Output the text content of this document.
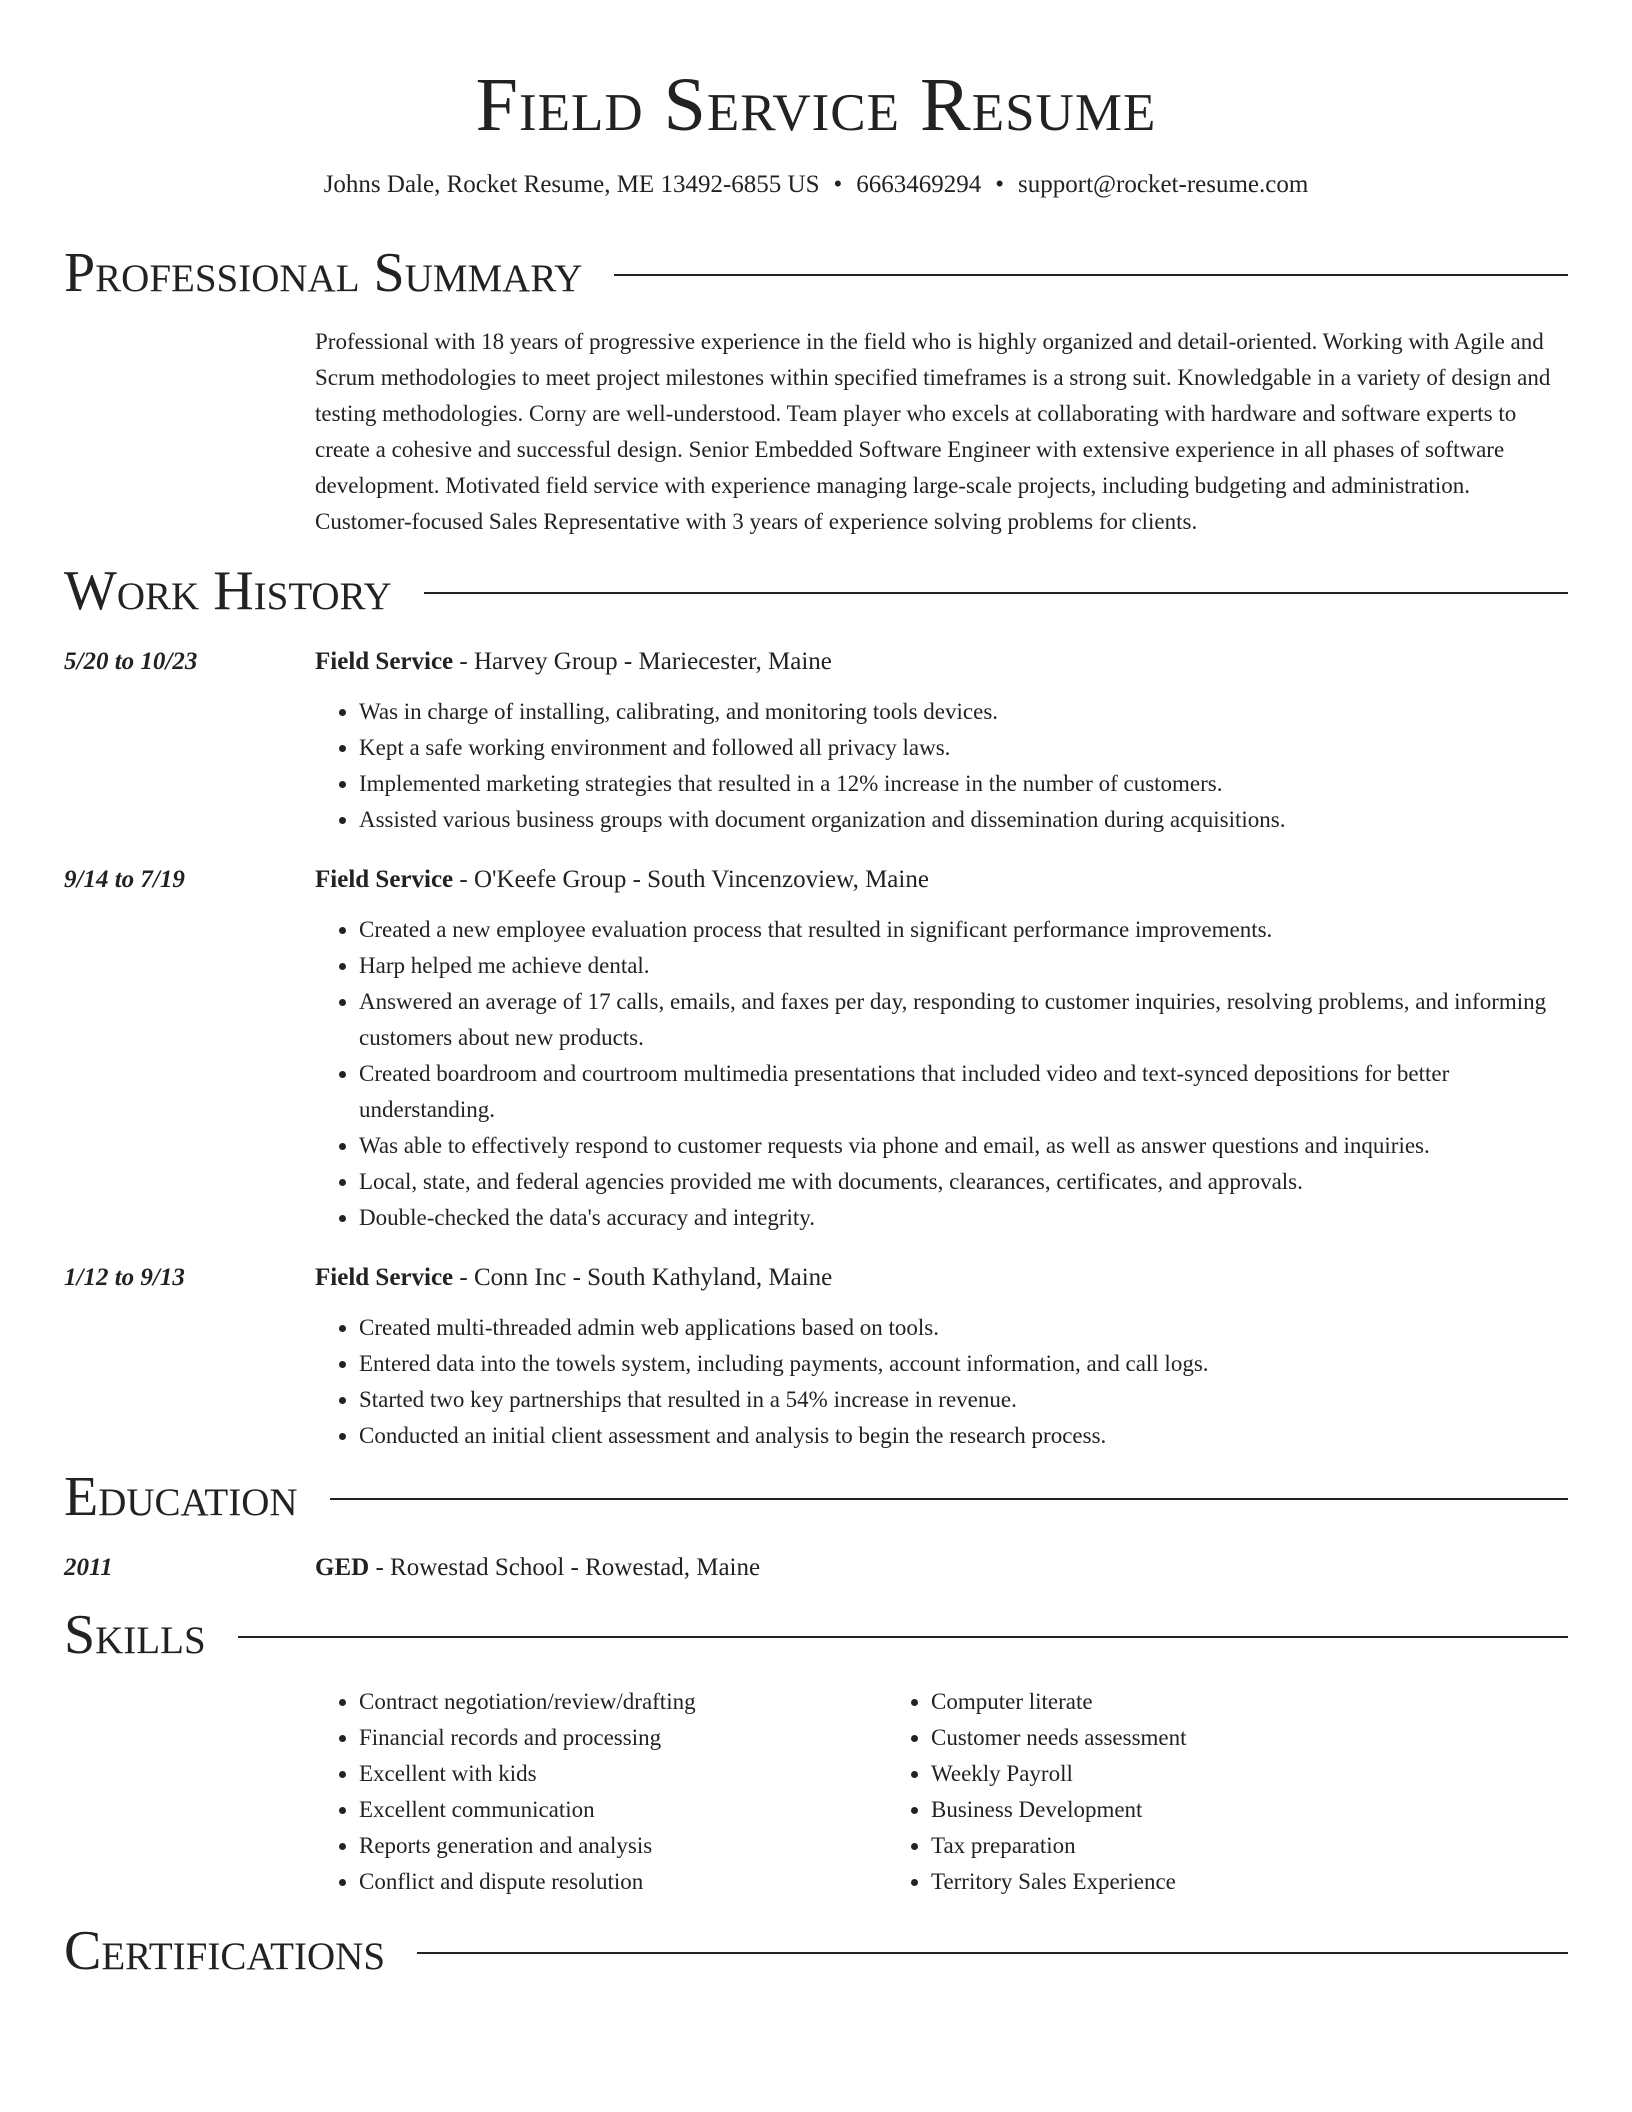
Field Service Resume
Johns Dale, Rocket Resume, ME 13492-6855 US • 6663469294 • support@rocket-resume.com
Professional Summary
Professional with 18 years of progressive experience in the field who is highly organized and detail-oriented. Working with Agile and Scrum methodologies to meet project milestones within specified timeframes is a strong suit. Knowledgable in a variety of design and testing methodologies. Corny are well-understood. Team player who excels at collaborating with hardware and software experts to create a cohesive and successful design. Senior Embedded Software Engineer with extensive experience in all phases of software development. Motivated field service with experience managing large-scale projects, including budgeting and administration. Customer-focused Sales Representative with 3 years of experience solving problems for clients.
Work History
5/20 to 10/23	Field Service - Harvey Group - Mariecester, Maine
• Was in charge of installing, calibrating, and monitoring tools devices.
• Kept a safe working environment and followed all privacy laws.
• Implemented marketing strategies that resulted in a 12% increase in the number of customers.
• Assisted various business groups with document organization and dissemination during acquisitions.
9/14 to 7/19	Field Service - O'Keefe Group - South Vincenzoview, Maine
• Created a new employee evaluation process that resulted in significant performance improvements.
• Harp helped me achieve dental.
• Answered an average of 17 calls, emails, and faxes per day, responding to customer inquiries, resolving problems, and informing customers about new products.
• Created boardroom and courtroom multimedia presentations that included video and text-synced depositions for better understanding.
• Was able to effectively respond to customer requests via phone and email, as well as answer questions and inquiries.
• Local, state, and federal agencies provided me with documents, clearances, certificates, and approvals.
• Double-checked the data's accuracy and integrity.
1/12 to 9/13	Field Service - Conn Inc - South Kathyland, Maine
• Created multi-threaded admin web applications based on tools.
• Entered data into the towels system, including payments, account information, and call logs.
• Started two key partnerships that resulted in a 54% increase in revenue.
• Conducted an initial client assessment and analysis to begin the research process.
Education
2011	GED - Rowestad School - Rowestad, Maine
Skills
• Contract negotiation/review/drafting
• Financial records and processing
• Excellent with kids
• Excellent communication
• Reports generation and analysis
• Conflict and dispute resolution
• Computer literate
• Customer needs assessment
• Weekly Payroll
• Business Development
• Tax preparation
• Territory Sales Experience
Certifications
